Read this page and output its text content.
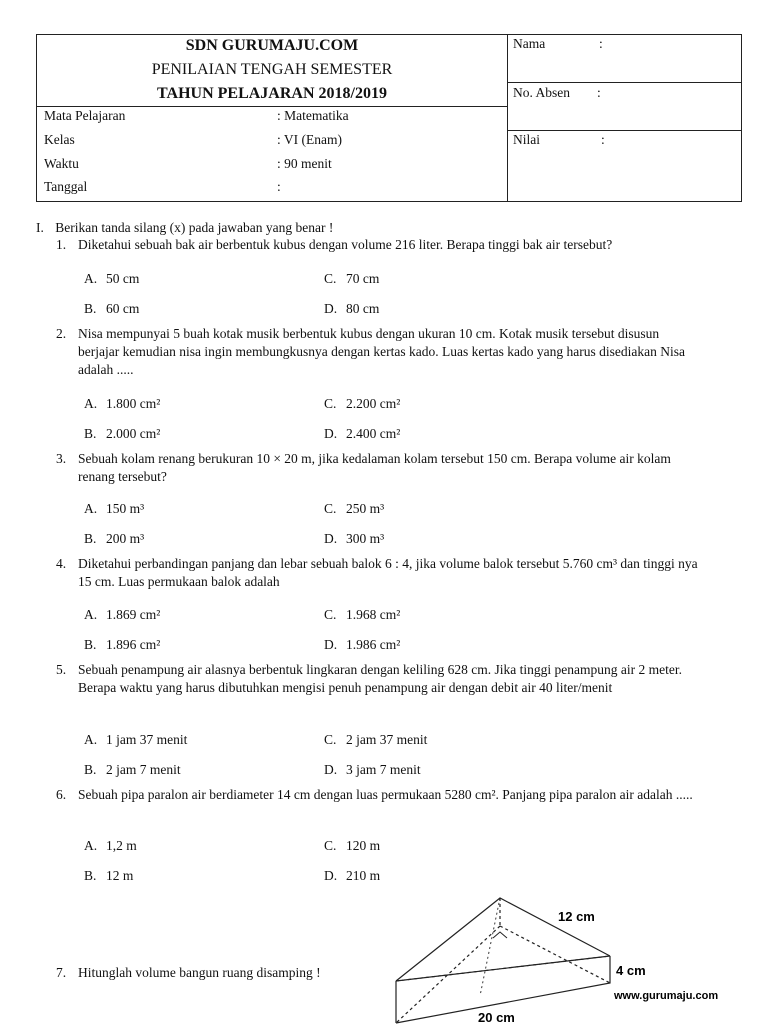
SDN GURUMAJU.COM
PENILAIAN TENGAH SEMESTER
TAHUN PELAJARAN 2018/2019
Mata Pelajaran	: Matematika
Kelas	: VI (Enam)
Waktu	: 90 menit
Tanggal	:
Nama	:
No. Absen :
Nilai	:
I. Berikan tanda silang (x) pada jawaban yang benar !
1. Diketahui sebuah bak air berbentuk kubus dengan volume 216 liter. Berapa tinggi bak air tersebut?
A. 50 cm	C. 70 cm
B. 60 cm	D. 80 cm
2. Nisa mempunyai 5 buah kotak musik berbentuk kubus dengan ukuran 10 cm. Kotak musik tersebut disusun berjajar kemudian nisa ingin membungkusnya dengan kertas kado. Luas kertas kado yang harus disediakan Nisa adalah .....
A. 1.800 cm²	C. 2.200 cm²
B. 2.000 cm²	D. 2.400 cm²
3. Sebuah kolam renang berukuran 10 × 20 m, jika kedalaman kolam tersebut 150 cm. Berapa volume air kolam renang tersebut?
A. 150 m³	C. 250 m³
B. 200 m³	D. 300 m³
4. Diketahui perbandingan panjang dan lebar sebuah balok 6 : 4, jika volume balok tersebut 5.760 cm³ dan tinggi nya 15 cm. Luas permukaan balok adalah
A. 1.869 cm²	C. 1.968 cm²
B. 1.896 cm²	D. 1.986 cm²
5. Sebuah penampung air alasnya berbentuk lingkaran dengan keliling 628 cm. Jika tinggi penampung air 2 meter. Berapa waktu yang harus dibutuhkan mengisi penuh penampung air dengan debit air 40 liter/menit
A. 1 jam 37 menit	C. 2 jam 37 menit
B. 2 jam 7 menit	D. 3 jam 7 menit
6. Sebuah pipa paralon air berdiameter 14 cm dengan luas permukaan 5280 cm². Panjang pipa paralon air adalah .....
A. 1,2 m	C. 120 m
B. 12 m	D. 210 m
7. Hitunglah volume bangun ruang disamping !
12 cm
4 cm
20 cm
www.gurumaju.com
